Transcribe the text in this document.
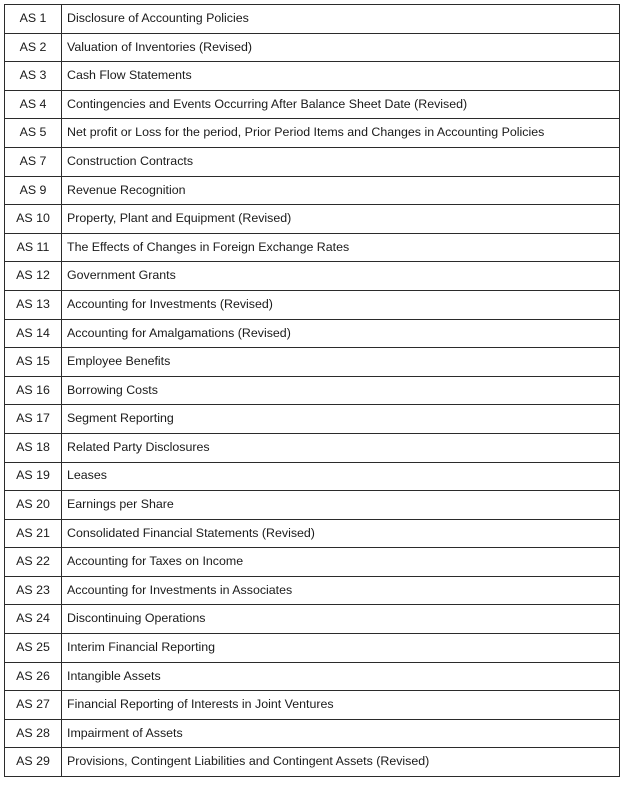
AS 1	Disclosure of Accounting Policies
AS 2	Valuation of Inventories (Revised)
AS 3	Cash Flow Statements
AS 4	Contingencies and Events Occurring After Balance Sheet Date (Revised)
AS 5	Net profit or Loss for the period, Prior Period Items and Changes in Accounting Policies
AS 7	Construction Contracts
AS 9	Revenue Recognition
AS 10	Property, Plant and Equipment (Revised)
AS 11	The Effects of Changes in Foreign Exchange Rates
AS 12	Government Grants
AS 13	Accounting for Investments (Revised)
AS 14	Accounting for Amalgamations (Revised)
AS 15	Employee Benefits
AS 16	Borrowing Costs
AS 17	Segment Reporting
AS 18	Related Party Disclosures
AS 19	Leases
AS 20	Earnings per Share
AS 21	Consolidated Financial Statements (Revised)
AS 22	Accounting for Taxes on Income
AS 23	Accounting for Investments in Associates
AS 24	Discontinuing Operations
AS 25	Interim Financial Reporting
AS 26	Intangible Assets
AS 27	Financial Reporting of Interests in Joint Ventures
AS 28	Impairment of Assets
AS 29	Provisions, Contingent Liabilities and Contingent Assets (Revised)
